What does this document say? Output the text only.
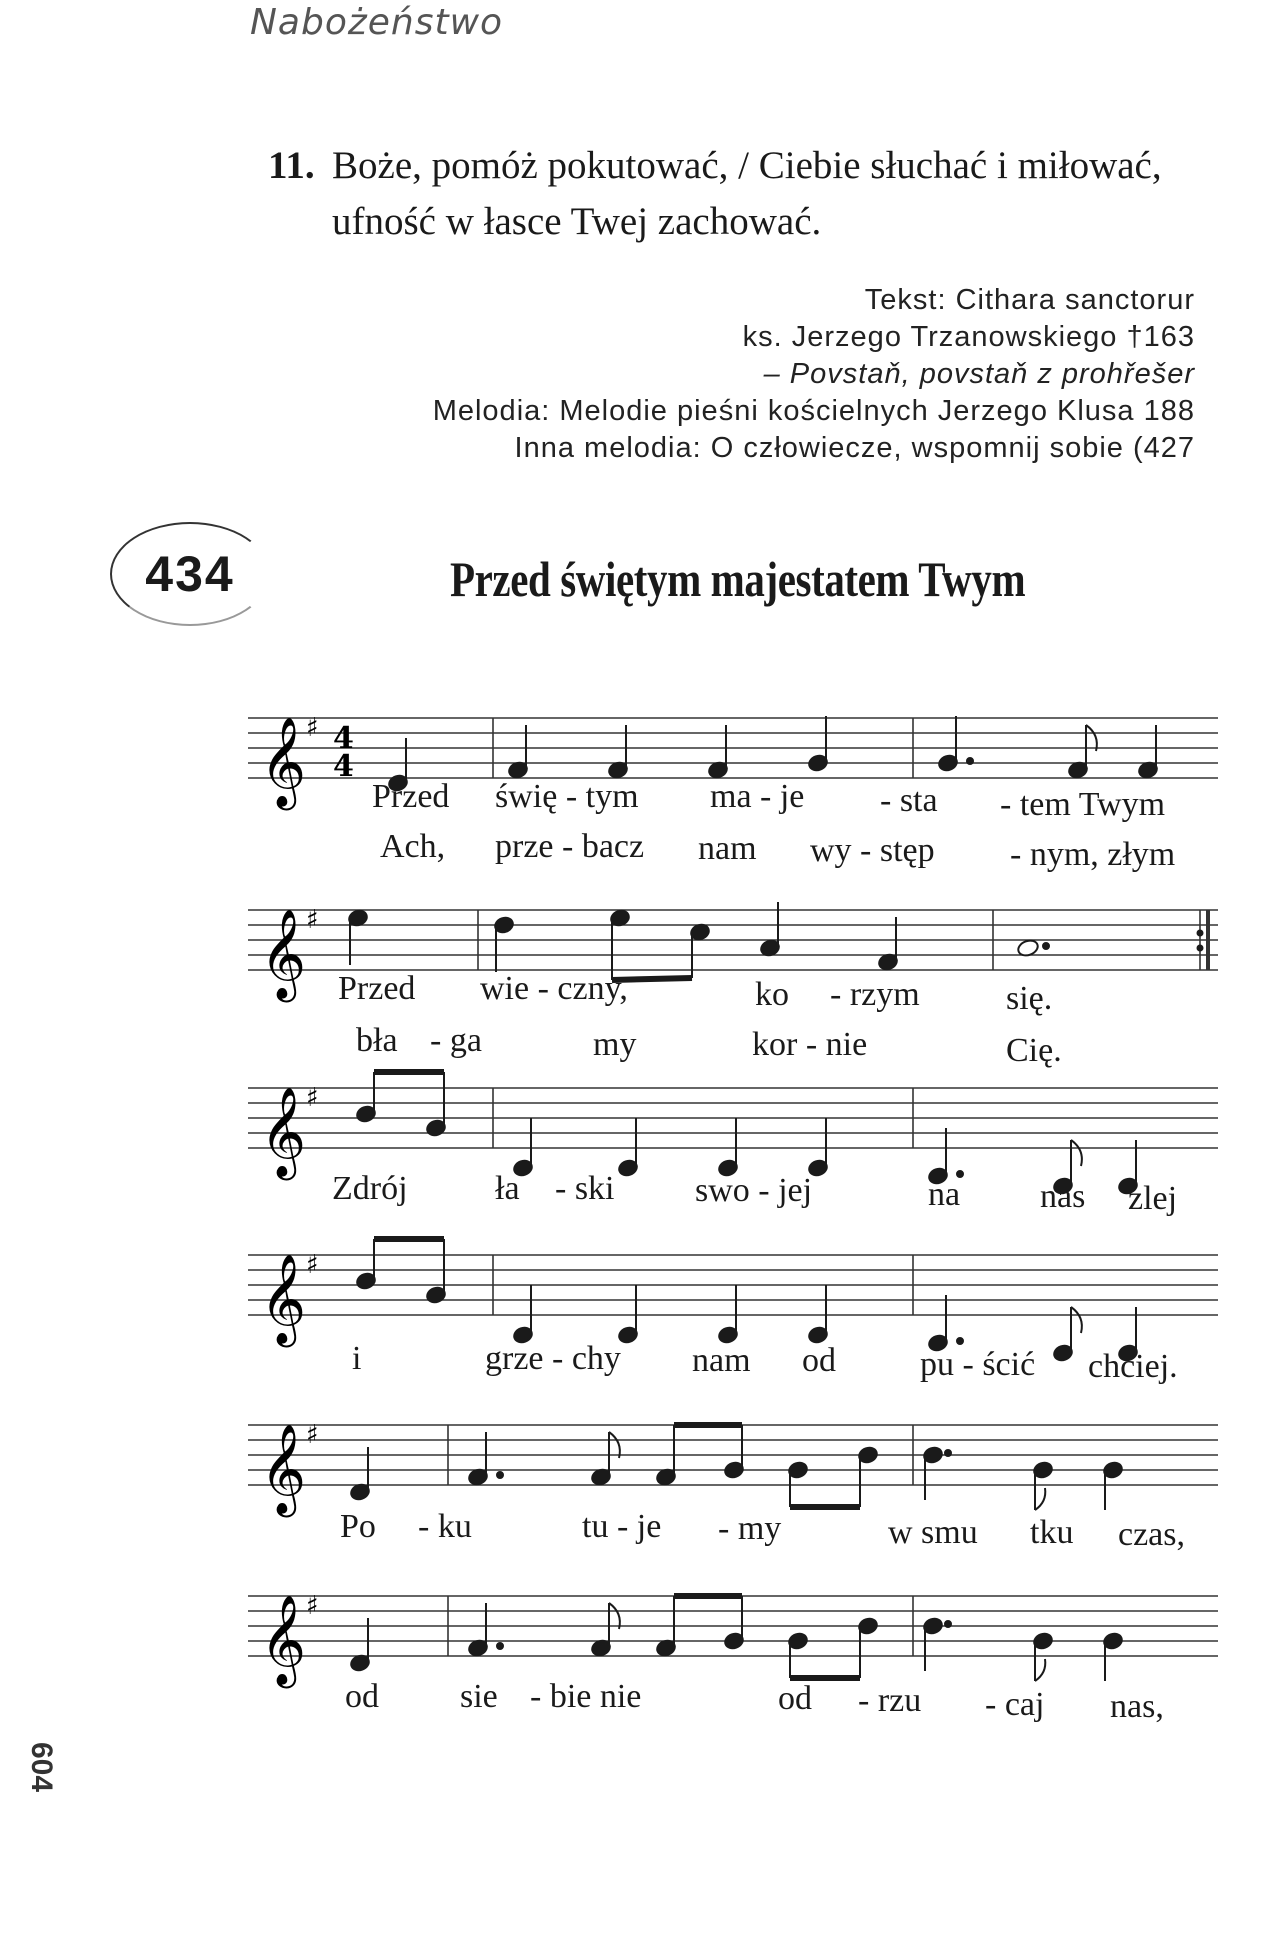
Nabożeństwo
11. Boże, pomóż pokutować, / Ciebie słuchać i miłować,
ufność w łasce Twej zachować.
Tekst: Cithara sanctorur
ks. Jerzego Trzanowskiego †163
– Povstaň, povstaň z prohřešer
Melodia: Melodie pieśni kościelnych Jerzego Klusa 188
Inna melodia: O człowiecze, wspomnij sobie (427
434	Przed świętym majestatem Twym
𝄞 ♯ 4
4
Przed świę - tym ma - je - sta - tem Twym
Ach, prze - bacz nam wy - stęp - nym, złym
𝄞 ♯
Przed wie - czny,	ko - rzym	się.
bła - ga	my	kor - nie	Cię.
𝄞 ♯
Zdrój	ła - ski swo - jej	na nas zlej
𝄞 ♯
i	grze - chy nam od pu - ścić chciej.
𝄞 ♯
Po - ku	tu - je - my	w smu tku czas,
𝄞 ♯
od sie - bie nie	od - rzu - caj nas,
604
